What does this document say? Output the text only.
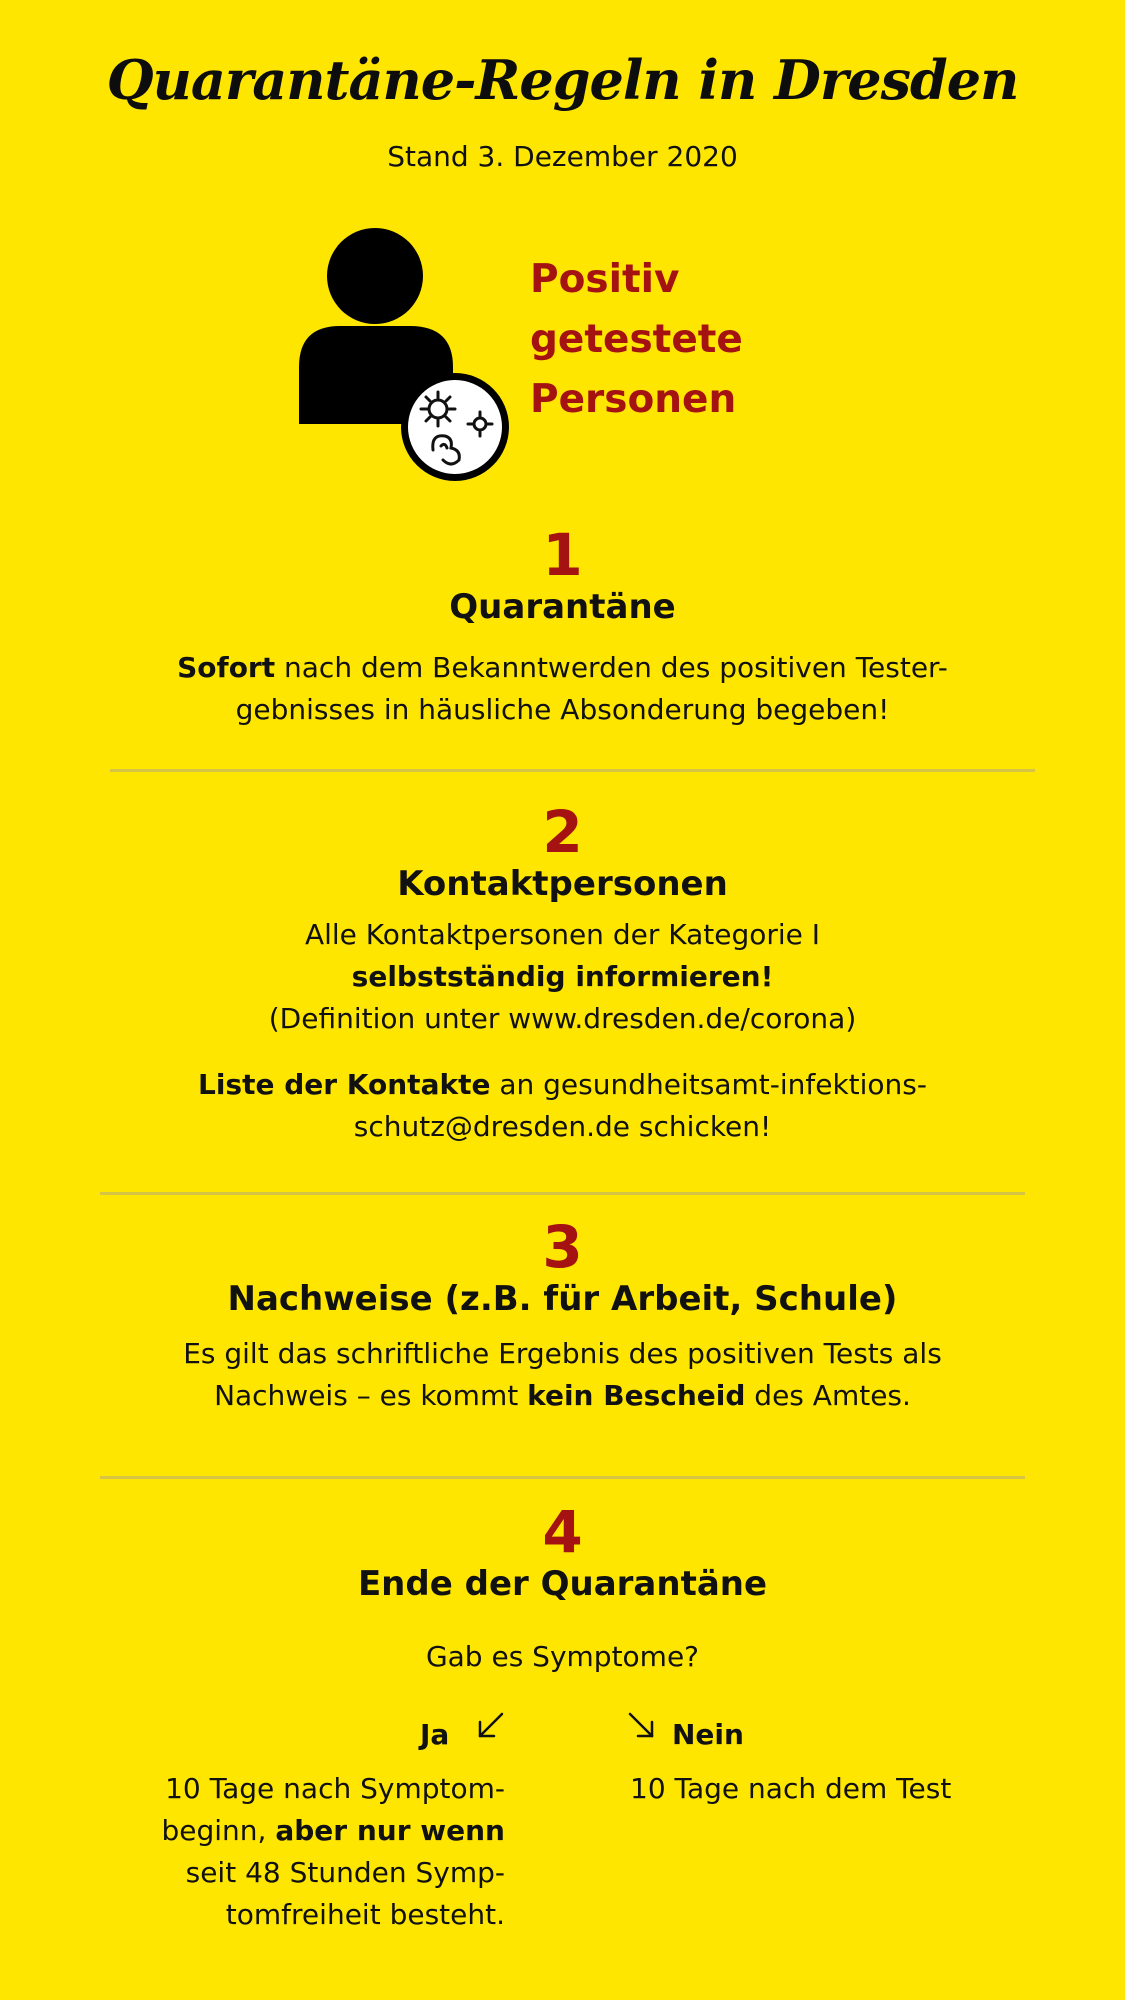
Quarantäne-Regeln in Dresden
Stand 3. Dezember 2020
Positiv
getestete
Personen
1
Quarantäne
Sofort nach dem Bekanntwerden des positiven Tester-
gebnisses in häusliche Absonderung begeben!
2
Kontaktpersonen
Alle Kontaktpersonen der Kategorie I
selbstständig informieren!
(Definition unter www.dresden.de/corona)
Liste der Kontakte an gesundheitsamt-infektions-
schutz@dresden.de schicken!
3
Nachweise (z.B. für Arbeit, Schule)
Es gilt das schriftliche Ergebnis des positiven Tests als
Nachweis – es kommt kein Bescheid des Amtes.
4
Ende der Quarantäne
Gab es Symptome?
Ja	Nein
10 Tage nach Symptom-
beginn, aber nur wenn
seit 48 Stunden Symp-
tomfreiheit besteht.
10 Tage nach dem Test
